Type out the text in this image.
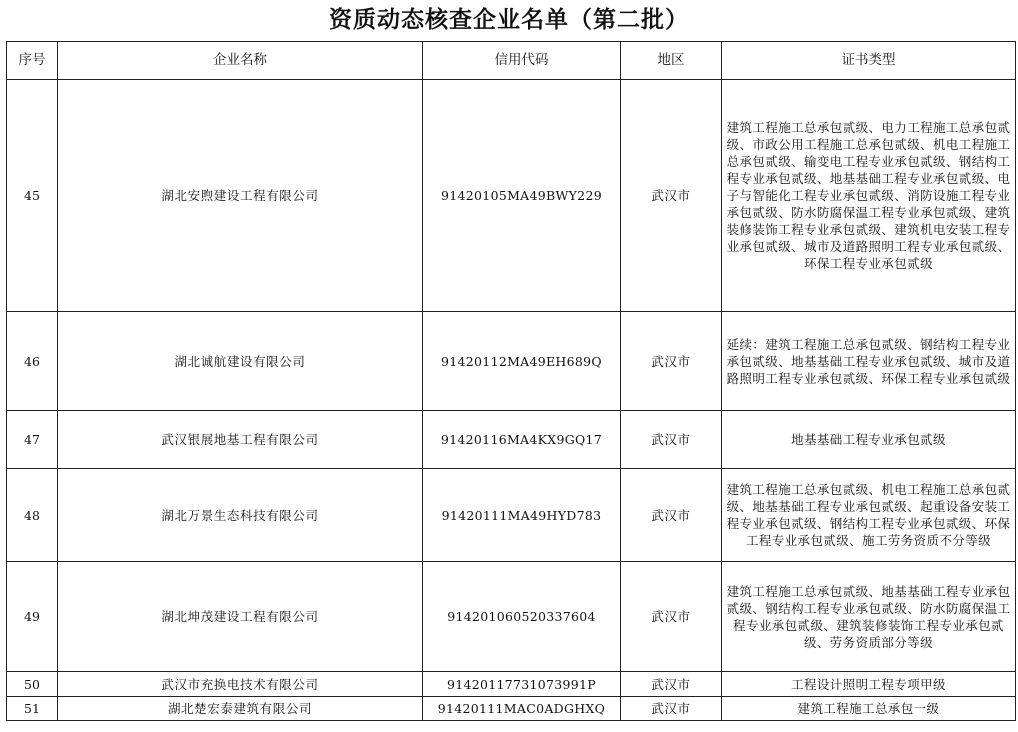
资质动态核查企业名单（第二批）
序号	企业名称	信用代码	地区	证书类型
45	湖北安煦建设工程有限公司	91420105MA49BWY229	武汉市	建筑工程施工总承包贰级、电力工程施工总承包贰级、市政公用工程施工总承包贰级、机电工程施工总承包贰级、输变电工程专业承包贰级、钢结构工程专业承包贰级、地基基础工程专业承包贰级、电子与智能化工程专业承包贰级、消防设施工程专业承包贰级、防水防腐保温工程专业承包贰级、建筑装修装饰工程专业承包贰级、建筑机电安装工程专业承包贰级、城市及道路照明工程专业承包贰级、环保工程专业承包贰级
46	湖北诚航建设有限公司	91420112MA49EH689Q	武汉市	延续：建筑工程施工总承包贰级、钢结构工程专业承包贰级、地基基础工程专业承包贰级、城市及道路照明工程专业承包贰级、环保工程专业承包贰级
47	武汉银展地基工程有限公司	91420116MA4KX9GQ17	武汉市	地基基础工程专业承包贰级
48	湖北万景生态科技有限公司	91420111MA49HYD783	武汉市	建筑工程施工总承包贰级、机电工程施工总承包贰级、地基基础工程专业承包贰级、起重设备安装工程专业承包贰级、钢结构工程专业承包贰级、环保工程专业承包贰级、施工劳务资质不分等级
49	湖北坤茂建设工程有限公司	914201060520337604	武汉市	建筑工程施工总承包贰级、地基基础工程专业承包贰级、钢结构工程专业承包贰级、防水防腐保温工程专业承包贰级、建筑装修装饰工程专业承包贰级、劳务资质部分等级
50	武汉市充换电技术有限公司	91420117731073991P	武汉市	工程设计照明工程专项甲级
51	湖北楚宏泰建筑有限公司	91420111MAC0ADGHXQ	武汉市	建筑工程施工总承包一级
